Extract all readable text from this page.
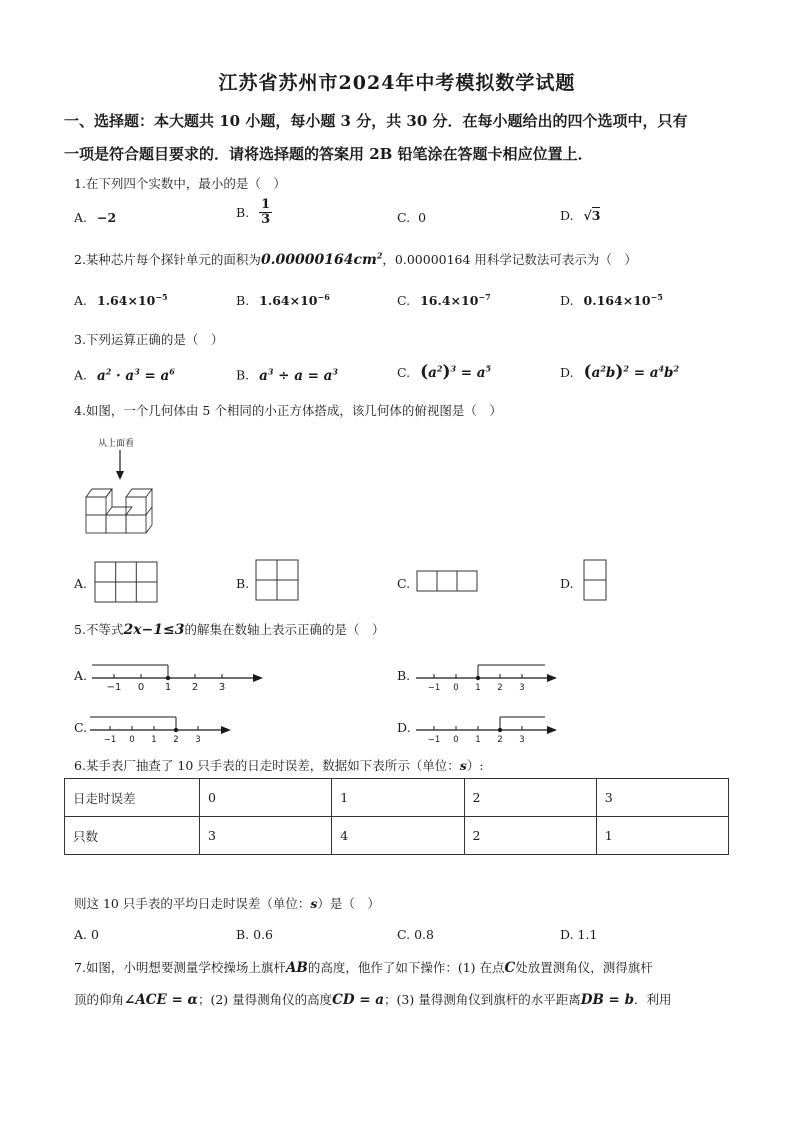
江苏省苏州市2024年中考模拟数学试题
一、选择题：本大题共 10 小题，每小题 3 分，共 30 分．在每小题给出的四个选项中，只有
一项是符合题目要求的．请将选择题的答案用 2B 铅笔涂在答题卡相应位置上．
1.在下列四个实数中，最小的是（　）
A. −2	B. $\frac{1}{3}$	C. 0	D. √3
2.某种芯片每个探针单元的面积为$0.00000164cm^2$，0.00000164 用科学记数法可表示为（　）
A. $1.64\times 10^{-5}$	B. $1.64\times 10^{-6}$	C. $16.4\times 10^{-7}$	D. $0.164\times 10^{-5}$
3.下列运算正确的是（　）
A. $a^2 \cdot a^3 = a^6$	B. $a^3 \div a = a^3$	C. $(a^2)^3 = a^5$	D. $(a^2b)^2 = a^4b^2$
4.如图，一个几何体由 5 个相同的小正方体搭成，该几何体的俯视图是（　）
从上面看
A.	B.	C.	D.
5.不等式2x−1≤3的解集在数轴上表示正确的是（　）
A.
−1 0 1 2 3
B.
−1 0 1 2 3
C.
−1 0 1 2 3
D.
−1 0 1 2 3
6.某手表厂抽查了 10 只手表的日走时误差，数据如下表所示（单位：s）:
日走时误差	0	1	2	3
只数	3	4	2	1
则这 10 只手表的平均日走时误差（单位：s）是（　）
A. 0	B. 0.6	C. 0.8	D. 1.1
7.如图，小明想要测量学校操场上旗杆AB的高度，他作了如下操作：(1) 在点C处放置测角仪，测得旗杆
顶的仰角∠ACE = α；(2) 量得测角仪的高度CD = a；(3) 量得测角仪到旗杆的水平距离DB = b．利用
